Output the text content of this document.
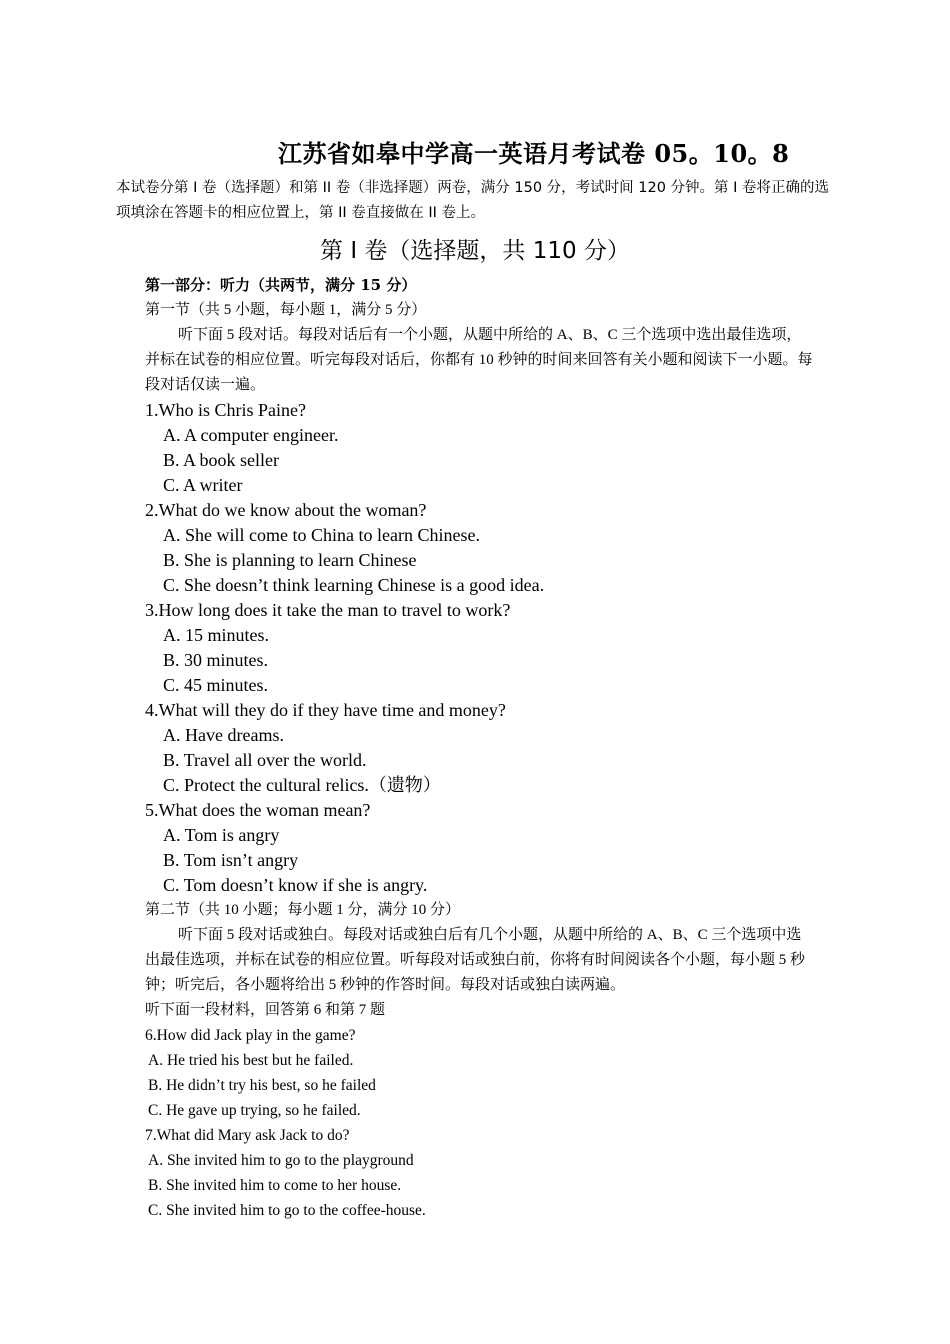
江苏省如皋中学高一英语月考试卷 05。10。8
本试卷分第 I 卷（选择题）和第 II 卷（非选择题）两卷，满分 150 分，考试时间 120 分钟。第 I 卷将正确的选项填涂在答题卡的相应位置上，第 II 卷直接做在 II 卷上。
第 I 卷（选择题，共 110 分）
第一部分：听力（共两节，满分 15 分）
第一节（共 5 小题，每小题 1，满分 5 分）
听下面 5 段对话。每段对话后有一个小题，从题中所给的 A、B、C 三个选项中选出最佳选项，并标在试卷的相应位置。听完每段对话后，你都有 10 秒钟的时间来回答有关小题和阅读下一小题。每段对话仅读一遍。
1.Who is Chris Paine?
A. A computer engineer.
B. A book seller
C. A writer
2.What do we know about the woman?
A. She will come to China to learn Chinese.
B. She is planning to learn Chinese
C. She doesn’t think learning Chinese is a good idea.
3.How long does it take the man to travel to work?
A. 15 minutes.
B. 30 minutes.
C. 45 minutes.
4.What will they do if they have time and money?
A. Have dreams.
B. Travel all over the world.
C. Protect the cultural relics.（遗物）
5.What does the woman mean?
A. Tom is angry
B. Tom isn’t angry
C. Tom doesn’t know if she is angry.
第二节（共 10 小题；每小题 1 分，满分 10 分）
听下面 5 段对话或独白。每段对话或独白后有几个小题，从题中所给的 A、B、C 三个选项中选出最佳选项，并标在试卷的相应位置。听每段对话或独白前，你将有时间阅读各个小题，每小题 5 秒钟；听完后，各小题将给出 5 秒钟的作答时间。每段对话或独白读两遍。
听下面一段材料，回答第 6 和第 7 题
6.How did Jack play in the game?
A. He tried his best but he failed.
B. He didn’t try his best, so he failed
C. He gave up trying, so he failed.
7.What did Mary ask Jack to do?
A. She invited him to go to the playground
B. She invited him to come to her house.
C. She invited him to go to the coffee-house.
